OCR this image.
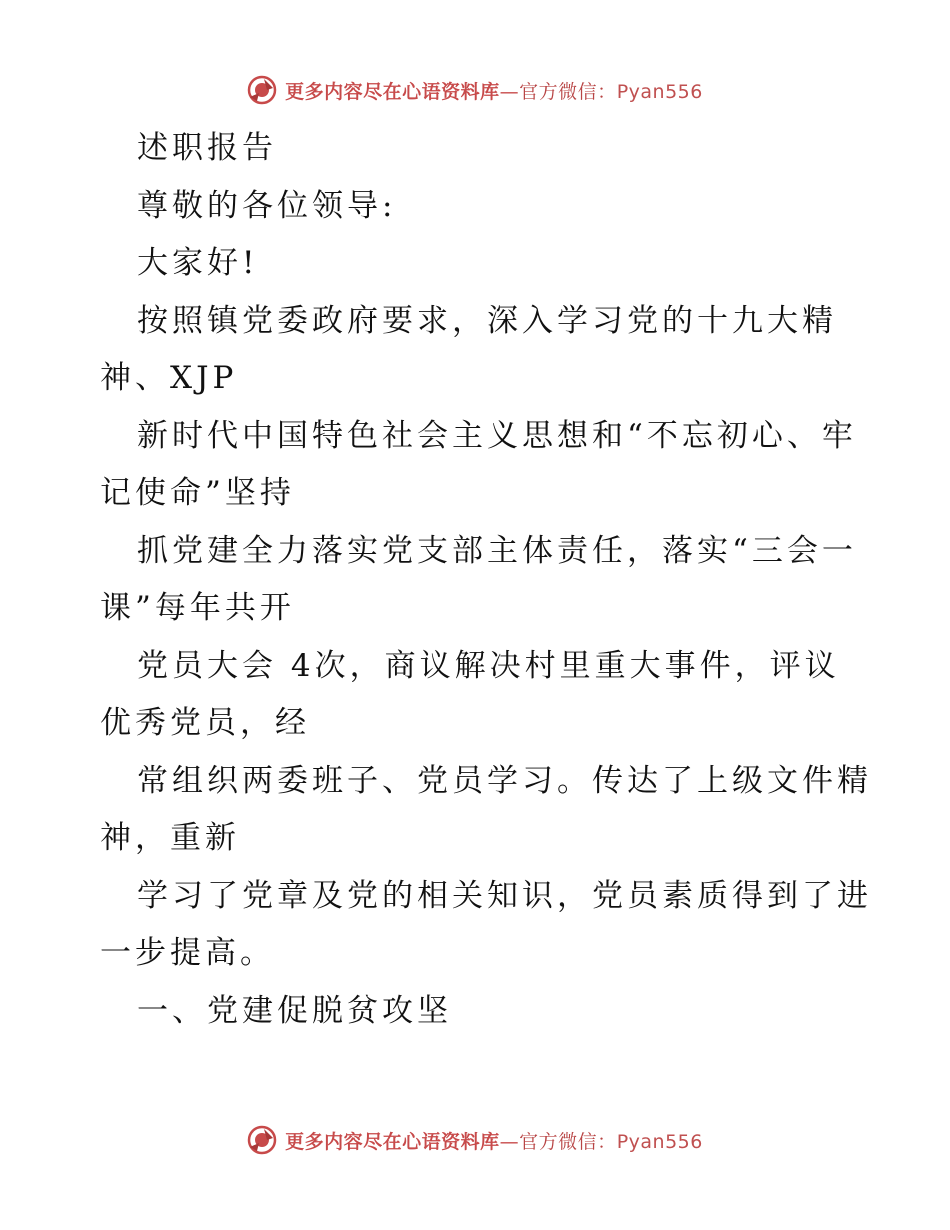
更多内容尽在心语资料库—官方微信：Pyan556
述职报告
尊敬的各位领导:
大家好!
按照镇党委政府要求，深入学习党的十九大精
神、XJP
新时代中国特色社会主义思想和“不忘初心、牢
记使命”坚持
抓党建全力落实党支部主体责任，落实“三会一
课”每年共开
党员大会 4次，商议解决村里重大事件，评议
优秀党员，经
常组织两委班子、党员学习。传达了上级文件精
神，重新
学习了党章及党的相关知识，党员素质得到了进
一步提高。
一、党建促脱贫攻坚
更多内容尽在心语资料库—官方微信：Pyan556
